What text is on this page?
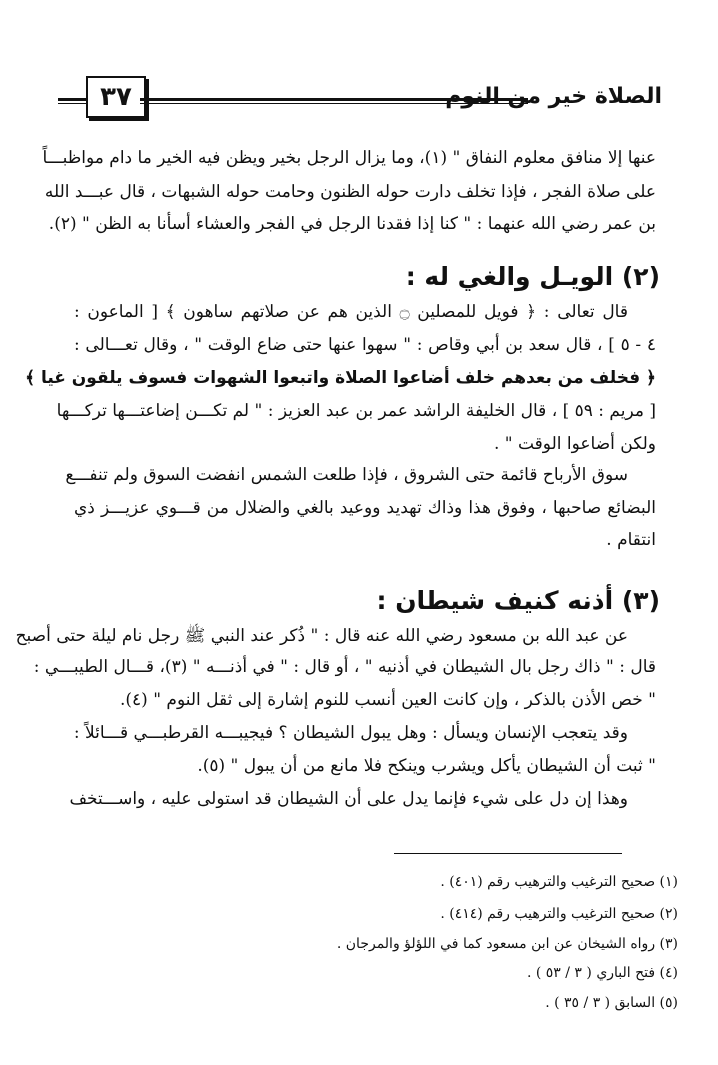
الصلاة خير من النوم
٣٧
عنها إلا منافق معلوم النفاق " (١)، وما يزال الرجل بخير ويظن فيه الخير ما دام مواظبـــاً
على صلاة الفجر ، فإذا تخلف دارت حوله الظنون وحامت حوله الشبهات ، قال عبـــد الله
بن عمر رضي الله عنهما : " كنا إذا فقدنا الرجل في الفجر والعشاء أسأنا به الظن " (٢).
(٢) الويـل والغي له :
قال تعالى : ﴿ فويل للمصلين ۝ الذين هم عن صلاتهم ساهون ﴾ [ الماعون :
٤ - ٥ ] ، قال سعد بن أبي وقاص : " سهوا عنها حتى ضاع الوقت " ، وقال تعـــالى :
﴿ فخلف من بعدهم خلف أضاعوا الصلاة واتبعوا الشهوات فسوف يلقون غيا ﴾
[ مريم : ٥٩ ] ، قال الخليفة الراشد عمر بن عبد العزيز : " لم تكـــن إضاعتـــها تركـــها
ولكن أضاعوا الوقت " .
سوق الأرباح قائمة حتى الشروق ، فإذا طلعت الشمس انفضت السوق ولم تنفـــع
البضائع صاحبها ، وفوق هذا وذاك تهديد ووعيد بالغي والضلال من قـــوي عزيـــز ذي
انتقام .
(٣) أذنه كنيف شيطان :
عن عبد الله بن مسعود رضي الله عنه قال : " ذُكر عند النبي ﷺ رجل نام ليلة حتى أصبح
قال : " ذاك رجل بال الشيطان في أذنيه " ، أو قال : " في أذنـــه " (٣)، قـــال الطيبـــي :
" خص الأذن بالذكر ، وإن كانت العين أنسب للنوم إشارة إلى ثقل النوم " (٤).
وقد يتعجب الإنسان ويسأل : وهل يبول الشيطان ؟ فيجيبـــه القرطبـــي قـــائلاً :
" ثبت أن الشيطان يأكل ويشرب وينكح فلا مانع من أن يبول " (٥).
وهذا إن دل على شيء فإنما يدل على أن الشيطان قد استولى عليه ، واســـتخف
(١) صحيح الترغيب والترهيب رقم (٤٠١) .
(٢) صحيح الترغيب والترهيب رقم (٤١٤) .
(٣) رواه الشيخان عن ابن مسعود كما في اللؤلؤ والمرجان .
(٤) فتح الباري ( ٣ / ٥٣ ) .
(٥) السابق ( ٣ / ٣٥ ) .
